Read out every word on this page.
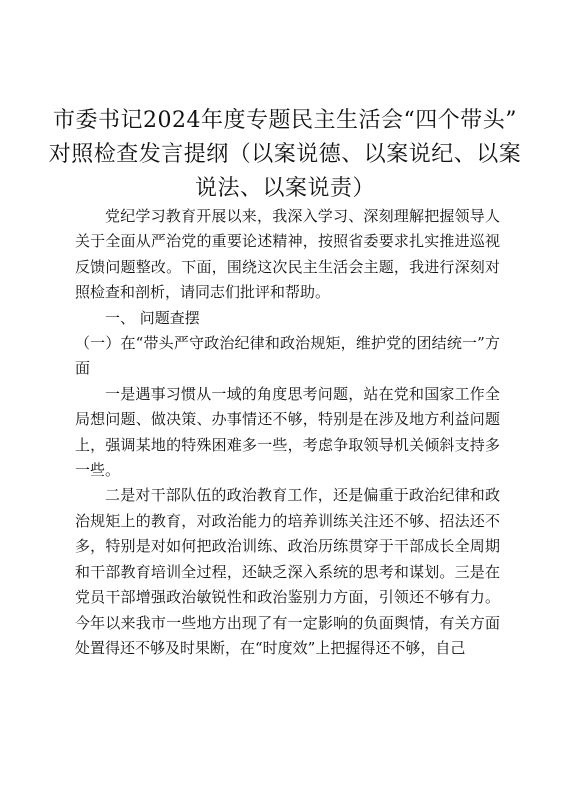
市委书记2024年度专题民主生活会“四个带头”
对照检查发言提纲（以案说德、以案说纪、以案
说法、以案说责）

党纪学习教育开展以来，我深入学习、深刻理解把握领导人关于全面从严治党的重要论述精神，按照省委要求扎实推进巡视反馈问题整改。下面，围绕这次民主生活会主题，我进行深刻对照检查和剖析，请同志们批评和帮助。

一、 问题查摆

（一）在“带头严守政治纪律和政治规矩，维护党的团结统一”方面

一是遇事习惯从一域的角度思考问题，站在党和国家工作全局想问题、做决策、办事情还不够，特别是在涉及地方利益问题上，强调某地的特殊困难多一些，考虑争取领导机关倾斜支持多一些。

二是对干部队伍的政治教育工作，还是偏重于政治纪律和政治规矩上的教育，对政治能力的培养训练关注还不够、招法还不多，特别是对如何把政治训练、政治历练贯穿于干部成长全周期和干部教育培训全过程，还缺乏深入系统的思考和谋划。三是在党员干部增强政治敏锐性和政治鉴别力方面，引领还不够有力。今年以来我市一些地方出现了有一定影响的负面舆情，有关方面处置得还不够及时果断，在“时度效”上把握得还不够，自己
